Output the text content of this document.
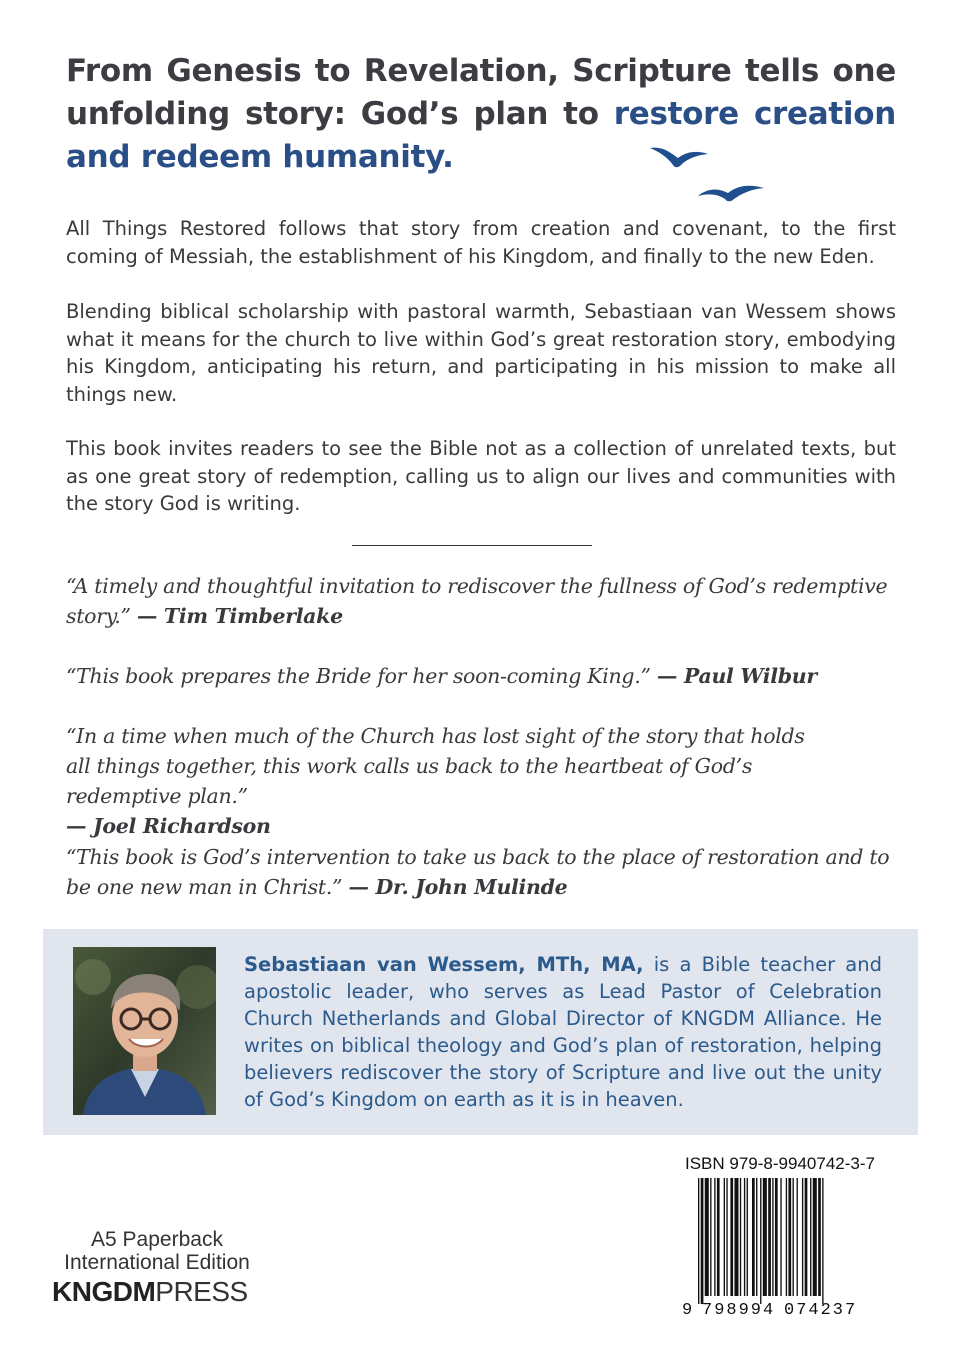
From Genesis to Revelation, Scripture tells one unfolding story: God’s plan to restore creation and redeem humanity.

All Things Restored follows that story from creation and covenant, to the first coming of Messiah, the establishment of his Kingdom, and finally to the new Eden.

Blending biblical scholarship with pastoral warmth, Sebastiaan van Wessem shows what it means for the church to live within God’s great restoration story, embodying his Kingdom, anticipating his return, and participating in his mission to make all things new.

This book invites readers to see the Bible not as a collection of unrelated texts, but as one great story of redemption, calling us to align our lives and communities with the story God is writing.

“A timely and thoughtful invitation to rediscover the fullness of God’s redemptive story.” — Tim Timberlake

“This book prepares the Bride for her soon-coming King.” — Paul Wilbur

“In a time when much of the Church has lost sight of the story that holds all things together, this work calls us back to the heartbeat of God’s redemptive plan.”
— Joel Richardson

“This book is God’s intervention to take us back to the place of restoration and to be one new man in Christ.” — Dr. John Mulinde

Sebastiaan van Wessem, MTh, MA, is a Bible teacher and apostolic leader, who serves as Lead Pastor of Celebration Church Netherlands and Global Director of KNGDM Alliance. He writes on biblical theology and God’s plan of restoration, helping believers rediscover the story of Scripture and live out the unity of God’s Kingdom on earth as it is in heaven.

A5 Paperback
International Edition

KNGDMPRESS
ISBN 979-8-9940742-3-7
9 798994 074237
